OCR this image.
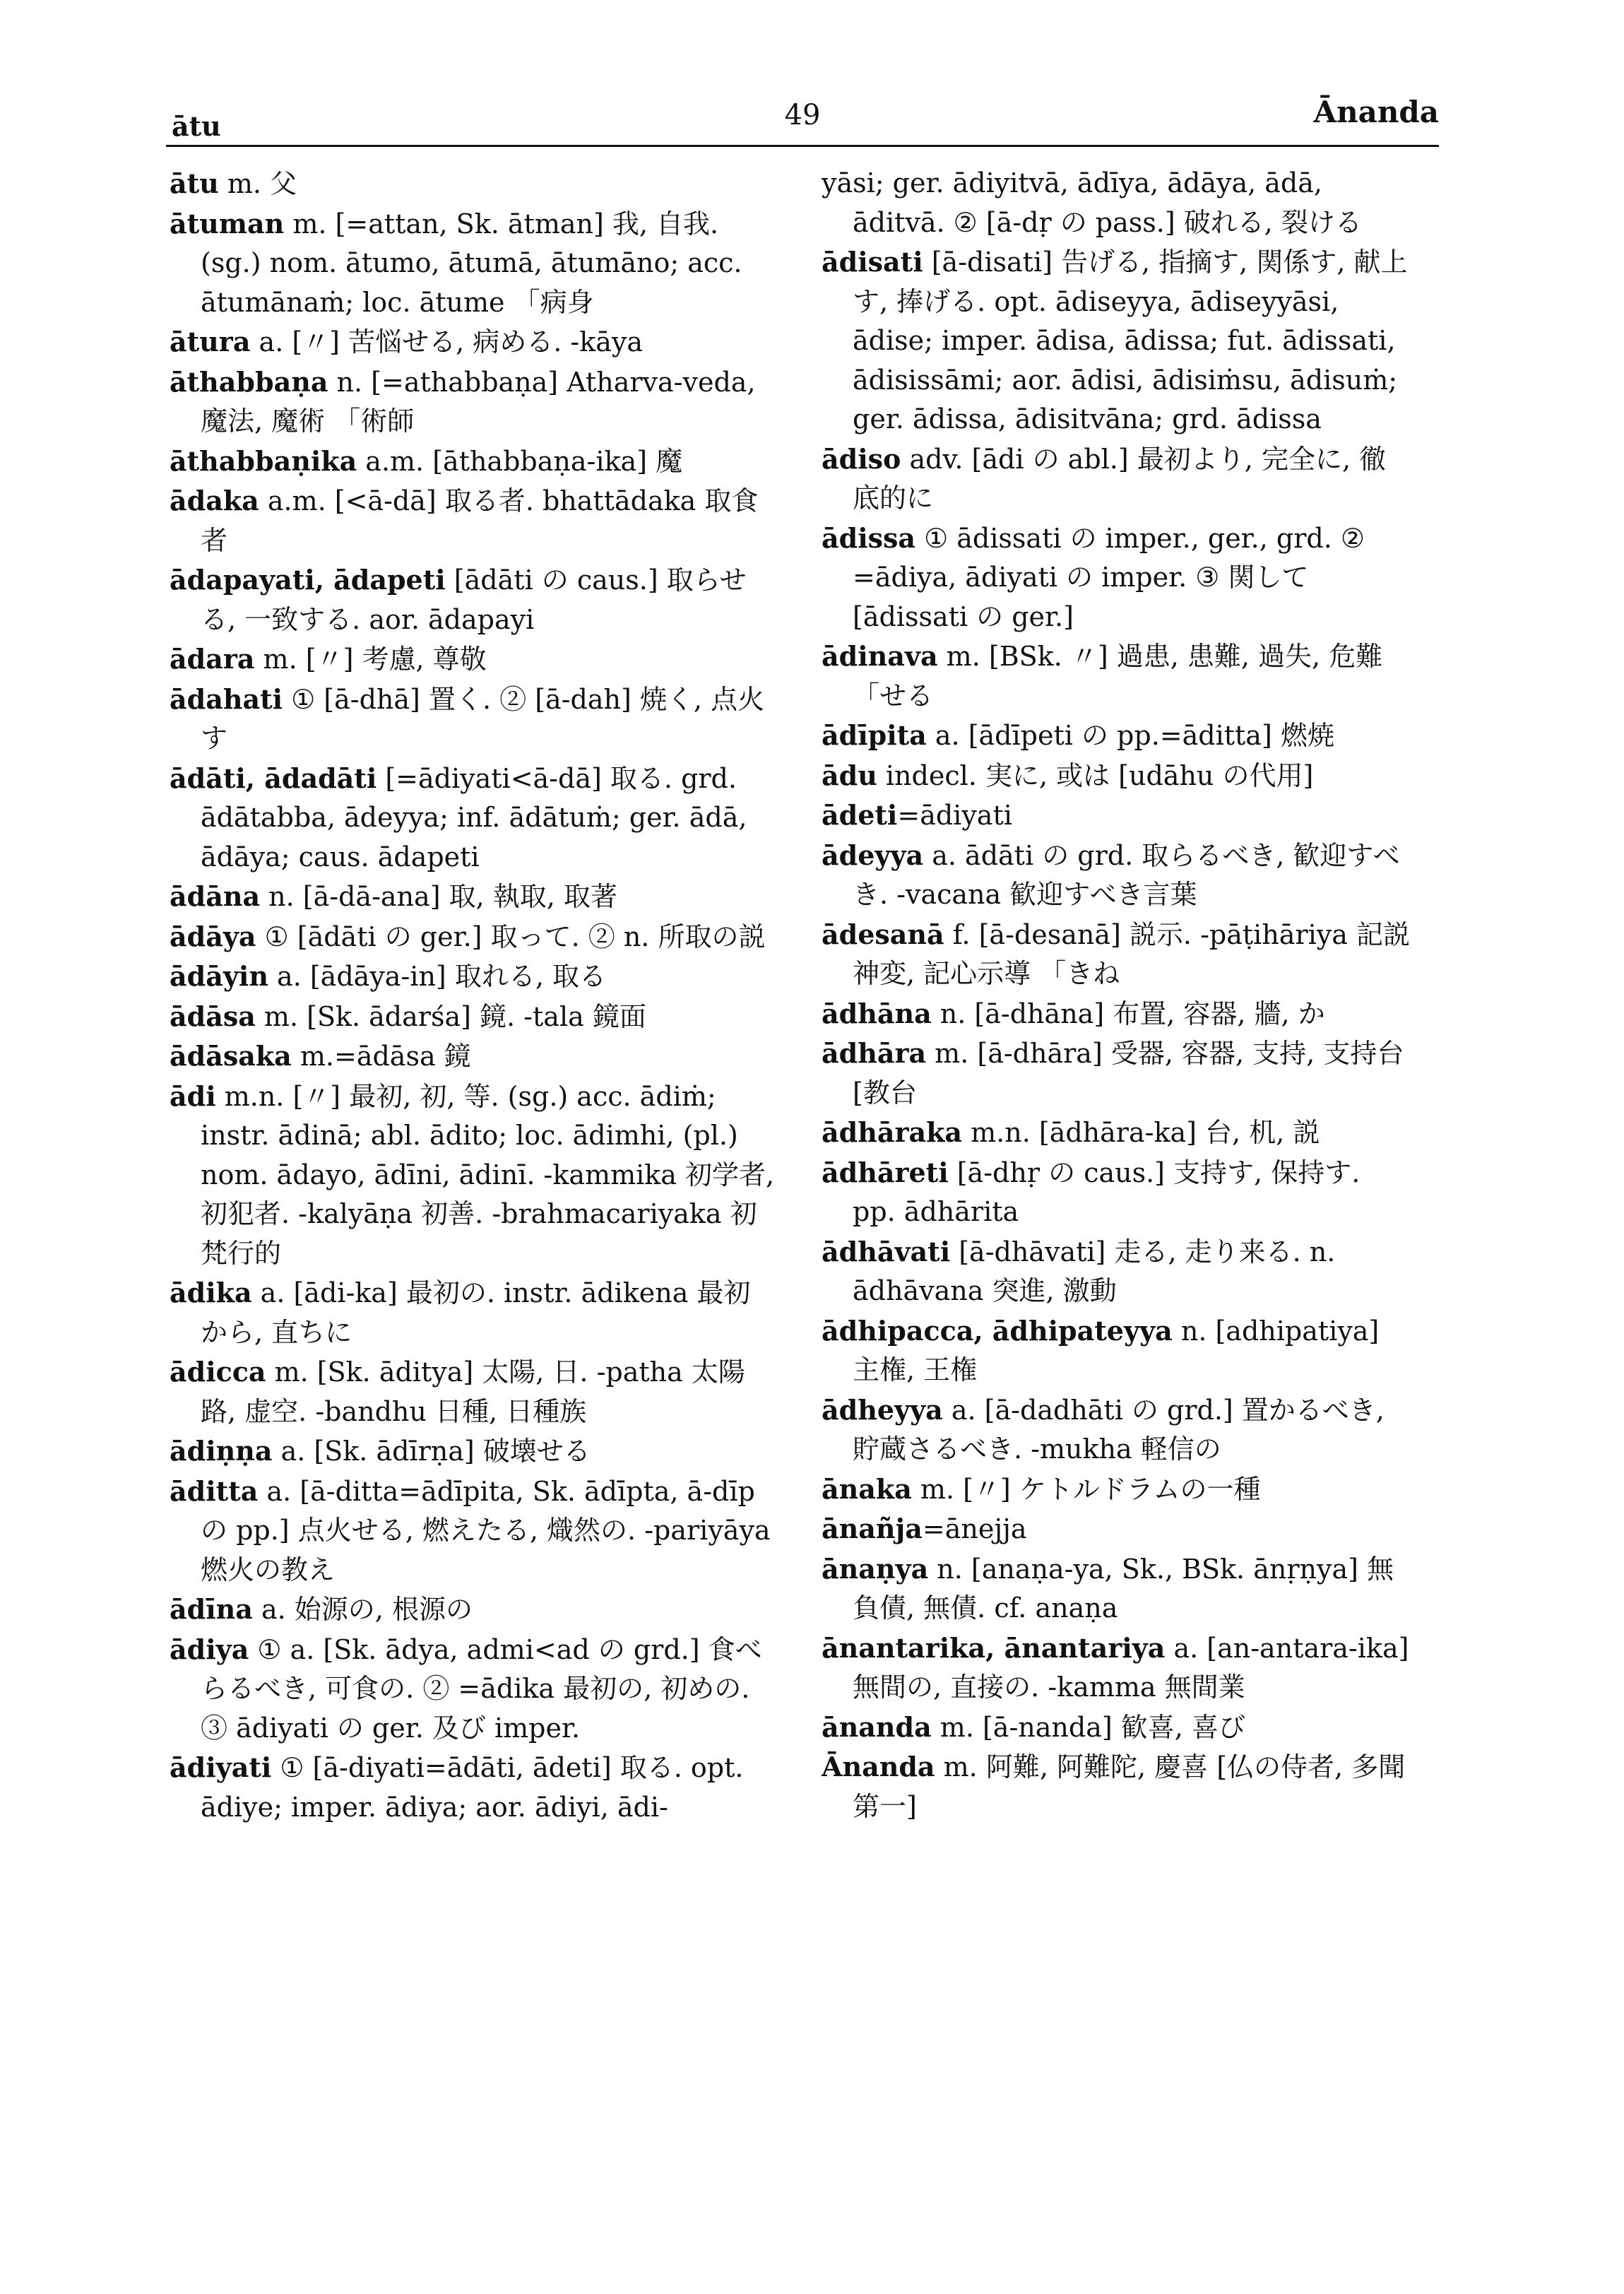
ātu	49	Ānanda

ātu m. 父

ātuman m. [=attan, Sk. ātman] 我, 自我. (sg.) nom. ātumo, ātumā, ātumāno; acc. ātumānaṁ; loc. ātume 「病身

ātura a. [〃] 苦悩せる, 病める. -kāya

āthabbaṇa n. [=athabbaṇa] Atharva-veda, 魔法, 魔術 「術師

āthabbaṇika a.m. [āthabbaṇa-ika] 魔

ādaka a.m. [<ā-dā] 取る者. bhattādaka 取食者

ādapayati, ādapeti [ādāti の caus.] 取らせる, 一致する. aor. ādapayi

ādara m. [〃] 考慮, 尊敬

ādahati ① [ā-dhā] 置く. ② [ā-dah] 焼く, 点火す

ādāti, ādadāti [=ādiyati<ā-dā] 取る. grd. ādātabba, ādeyya; inf. ādātuṁ; ger. ādā, ādāya; caus. ādapeti

ādāna n. [ā-dā-ana] 取, 執取, 取著

ādāya ① [ādāti の ger.] 取って. ② n. 所取の説

ādāyin a. [ādāya-in] 取れる, 取る

ādāsa m. [Sk. ādarśa] 鏡. -tala 鏡面

ādāsaka m.=ādāsa 鏡

ādi m.n. [〃] 最初, 初, 等. (sg.) acc. ādiṁ; instr. ādinā; abl. ādito; loc. ādimhi, (pl.) nom. ādayo, ādīni, ādinī. -kammika 初学者, 初犯者. -kalyāṇa 初善. -brahmacariyaka 初梵行的

ādika a. [ādi-ka] 最初の. instr. ādikena 最初から, 直ちに

ādicca m. [Sk. āditya] 太陽, 日. -patha 太陽路, 虚空. -bandhu 日種, 日種族

ādiṇṇa a. [Sk. ādīrṇa] 破壊せる

āditta a. [ā-ditta=ādīpita, Sk. ādīpta, ā-dīp の pp.] 点火せる, 燃えたる, 熾然の. -pariyāya 燃火の教え

ādīna a. 始源の, 根源の

ādiya ① a. [Sk. ādya, admi<ad の grd.] 食べらるべき, 可食の. ② =ādika 最初の, 初めの. ③ ādiyati の ger. 及び imper.

ādiyati ① [ā-diyati=ādāti, ādeti] 取る. opt. ādiye; imper. ādiya; aor. ādiyi, ādi-

yāsi; ger. ādiyitvā, ādīya, ādāya, ādā, āditvā. ② [ā-dṛ の pass.] 破れる, 裂ける

ādisati [ā-disati] 告げる, 指摘す, 関係す, 献上す, 捧げる. opt. ādiseyya, ādiseyyāsi, ādise; imper. ādisa, ādissa; fut. ādissati, ādisissāmi; aor. ādisi, ādisiṁsu, ādisuṁ; ger. ādissa, ādisitvāna; grd. ādissa

ādiso adv. [ādi の abl.] 最初より, 完全に, 徹底的に

ādissa ① ādissati の imper., ger., grd. ② =ādiya, ādiyati の imper. ③ 関して [ādissati の ger.]

ādinava m. [BSk. 〃] 過患, 患難, 過失, 危難 「せる

ādīpita a. [ādīpeti の pp.=āditta] 燃焼

ādu indecl. 実に, 或は [udāhu の代用]

ādeti=ādiyati

ādeyya a. ādāti の grd. 取らるべき, 歓迎すべき. -vacana 歓迎すべき言葉

ādesanā f. [ā-desanā] 説示. -pāṭihāriya 記説神変, 記心示導 「きね

ādhāna n. [ā-dhāna] 布置, 容器, 牆, か

ādhāra m. [ā-dhāra] 受器, 容器, 支持, 支持台 [教台

ādhāraka m.n. [ādhāra-ka] 台, 机, 説

ādhāreti [ā-dhṛ の caus.] 支持す, 保持す. pp. ādhārita

ādhāvati [ā-dhāvati] 走る, 走り来る. n. ādhāvana 突進, 激動

ādhipacca, ādhipateyya n. [adhipatiya] 主権, 王権

ādheyya a. [ā-dadhāti の grd.] 置かるべき, 貯蔵さるべき. -mukha 軽信の

ānaka m. [〃] ケトルドラムの一種

ānañja=ānejja

ānaṇya n. [anaṇa-ya, Sk., BSk. ānṛṇya] 無負債, 無債. cf. anaṇa

ānantarika, ānantariya a. [an-antara-ika] 無間の, 直接の. -kamma 無間業

ānanda m. [ā-nanda] 歓喜, 喜び

Ānanda m. 阿難, 阿難陀, 慶喜 [仏の侍者, 多聞第一]
